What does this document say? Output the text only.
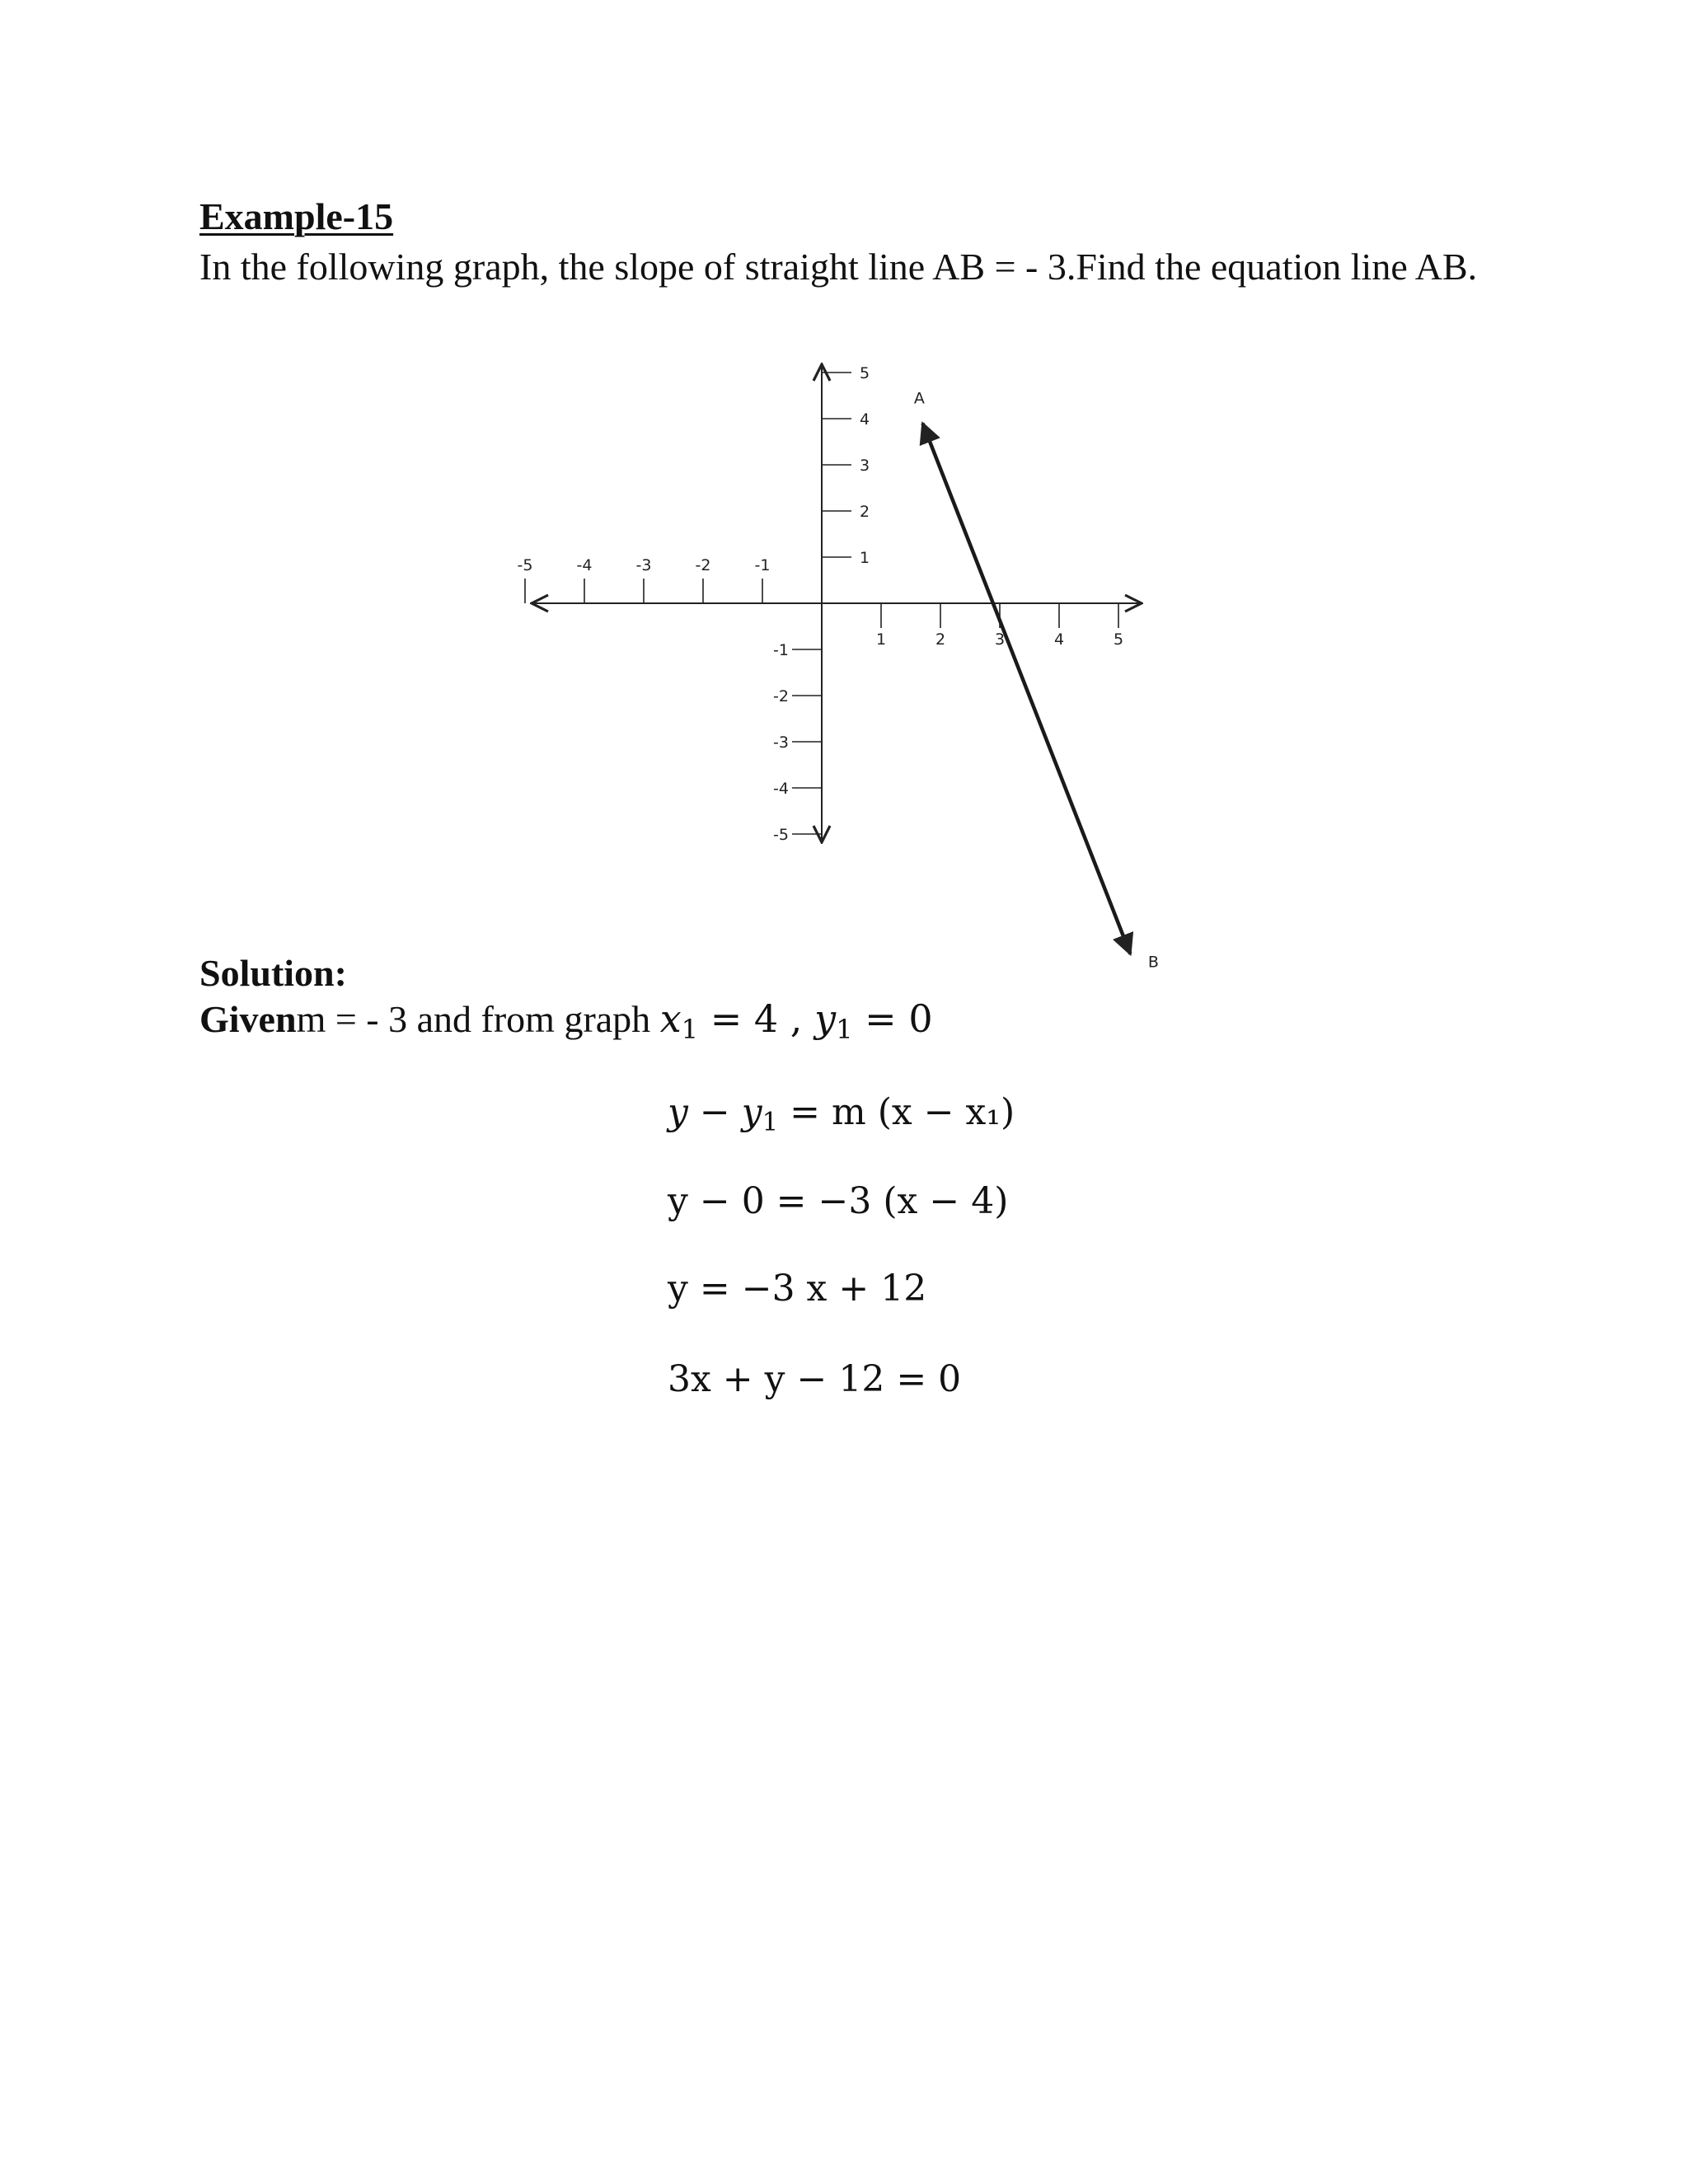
Example-15
In the following graph, the slope of straight line AB = - 3.Find the equation line AB.
-5	-4	-3	-2	-1
1	2	3	4	5
1
2
3
4
5
-1
-2
-3
-4
-5
A
B
Solution:
Givenm = - 3 and from graph $x_1 = 4$ , $y_1 = 0$
$y - y_1 = m$ (x − x₁)
y − 0 = −3 (x − 4)
y = −3 x + 12
3x + y − 12 = 0
